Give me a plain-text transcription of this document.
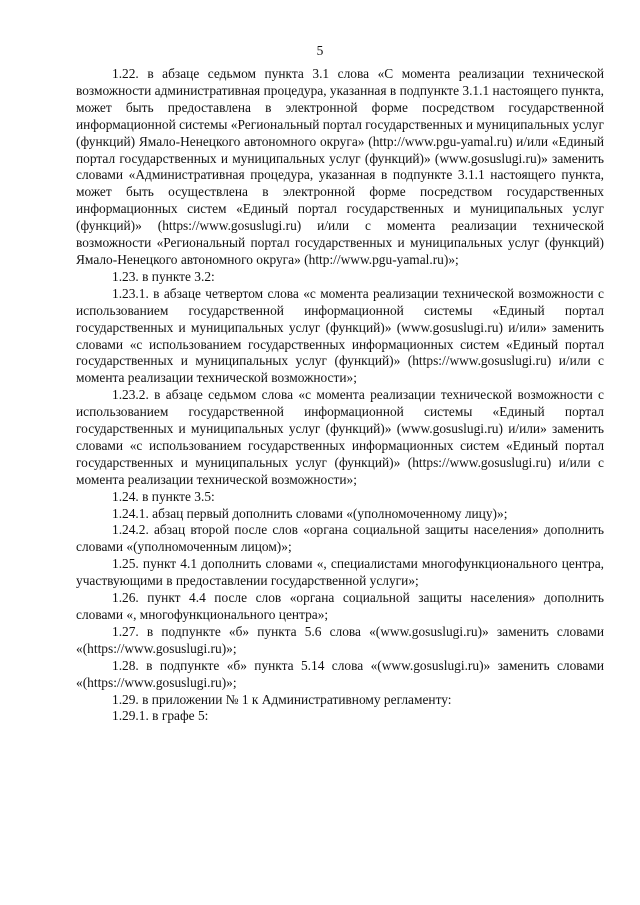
5

1.22. в абзаце седьмом пункта 3.1 слова «С момента реализации технической возможности административная процедура, указанная в подпункте 3.1.1 настоящего пункта, может быть предоставлена в электронной форме посредством государственной информационной системы «Региональный портал государственных и муниципальных услуг (функций) Ямало-Ненецкого автономного округа» (http://www.pgu-yamal.ru) и/или «Единый портал государственных и муниципальных услуг (функций)» (www.gosuslugi.ru)» заменить словами «Административная процедура, указанная в подпункте 3.1.1 настоящего пункта, может быть осуществлена в электронной форме посредством государственных информационных систем «Единый портал государственных и муниципальных услуг (функций)» (https://www.gosuslugi.ru) и/или с момента реализации технической возможности «Региональный портал государственных и муниципальных услуг (функций) Ямало-Ненецкого автономного округа» (http://www.pgu-yamal.ru)»;

1.23. в пункте 3.2:

1.23.1. в абзаце четвертом слова «с момента реализации технической возможности с использованием государственной информационной системы «Единый портал государственных и муниципальных услуг (функций)» (www.gosuslugi.ru) и/или» заменить словами «с использованием государственных информационных систем «Единый портал государственных и муниципальных услуг (функций)» (https://www.gosuslugi.ru) и/или с момента реализации технической возможности»;

1.23.2. в абзаце седьмом слова «с момента реализации технической возможности с использованием государственной информационной системы «Единый портал государственных и муниципальных услуг (функций)» (www.gosuslugi.ru) и/или» заменить словами «с использованием государственных информационных систем «Единый портал государственных и муниципальных услуг (функций)» (https://www.gosuslugi.ru) и/или с момента реализации технической возможности»;

1.24. в пункте 3.5:

1.24.1. абзац первый дополнить словами «(уполномоченному лицу)»;

1.24.2. абзац второй после слов «органа социальной защиты населения» дополнить словами «(уполномоченным лицом)»;

1.25. пункт 4.1 дополнить словами «, специалистами многофункционального центра, участвующими в предоставлении государственной услуги»;

1.26. пункт 4.4 после слов «органа социальной защиты населения» дополнить словами «, многофункционального центра»;

1.27. в подпункте «б» пункта 5.6 слова «(www.gosuslugi.ru)» заменить словами «(https://www.gosuslugi.ru)»;

1.28. в подпункте «б» пункта 5.14 слова «(www.gosuslugi.ru)» заменить словами «(https://www.gosuslugi.ru)»;

1.29. в приложении № 1 к Административному регламенту:

1.29.1. в графе 5:
